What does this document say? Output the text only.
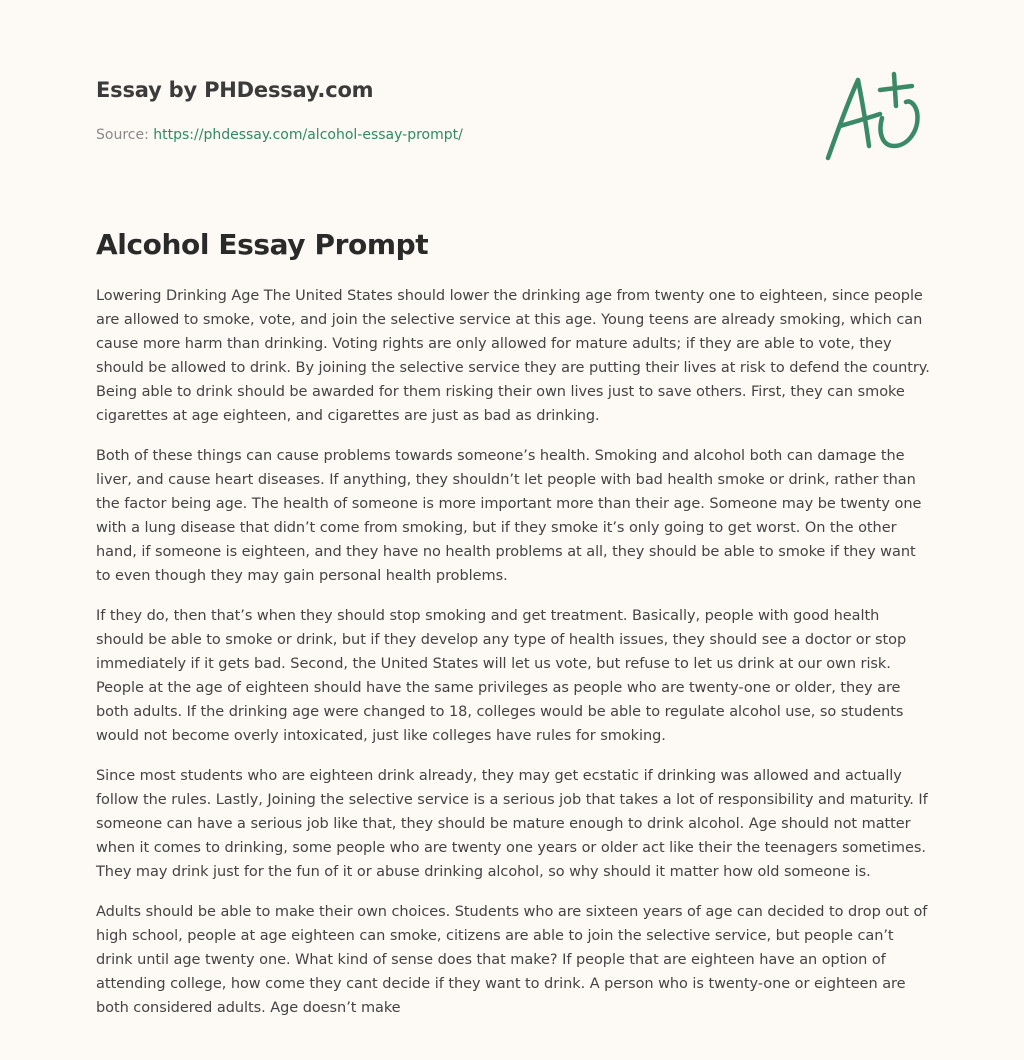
Essay by PHDessay.com
Source: https://phdessay.com/alcohol-essay-prompt/
Alcohol Essay Prompt

Lowering Drinking Age The United States should lower the drinking age from twenty one to eighteen, since people are allowed to smoke, vote, and join the selective service at this age. Young teens are already smoking, which can cause more harm than drinking. Voting rights are only allowed for mature adults; if they are able to vote, they should be allowed to drink. By joining the selective service they are putting their lives at risk to defend the country. Being able to drink should be awarded for them risking their own lives just to save others. First, they can smoke cigarettes at age eighteen, and cigarettes are just as bad as drinking.

Both of these things can cause problems towards someone’s health. Smoking and alcohol both can damage the liver, and cause heart diseases. If anything, they shouldn’t let people with bad health smoke or drink, rather than the factor being age. The health of someone is more important more than their age. Someone may be twenty one with a lung disease that didn’t come from smoking, but if they smoke it’s only going to get worst. On the other hand, if someone is eighteen, and they have no health problems at all, they should be able to smoke if they want to even though they may gain personal health problems.

If they do, then that’s when they should stop smoking and get treatment. Basically, people with good health should be able to smoke or drink, but if they develop any type of health issues, they should see a doctor or stop immediately if it gets bad. Second, the United States will let us vote, but refuse to let us drink at our own risk. People at the age of eighteen should have the same privileges as people who are twenty-one or older, they are both adults. If the drinking age were changed to 18, colleges would be able to regulate alcohol use, so students would not become overly intoxicated, just like colleges have rules for smoking.

Since most students who are eighteen drink already, they may get ecstatic if drinking was allowed and actually follow the rules. Lastly, Joining the selective service is a serious job that takes a lot of responsibility and maturity. If someone can have a serious job like that, they should be mature enough to drink alcohol. Age should not matter when it comes to drinking, some people who are twenty one years or older act like their the teenagers sometimes. They may drink just for the fun of it or abuse drinking alcohol, so why should it matter how old someone is.

Adults should be able to make their own choices. Students who are sixteen years of age can decided to drop out of high school, people at age eighteen can smoke, citizens are able to join the selective service, but people can’t drink until age twenty one. What kind of sense does that make? If people that are eighteen have an option of attending college, how come they cant decide if they want to drink. A person who is twenty-one or eighteen are both considered adults. Age doesn’t make
